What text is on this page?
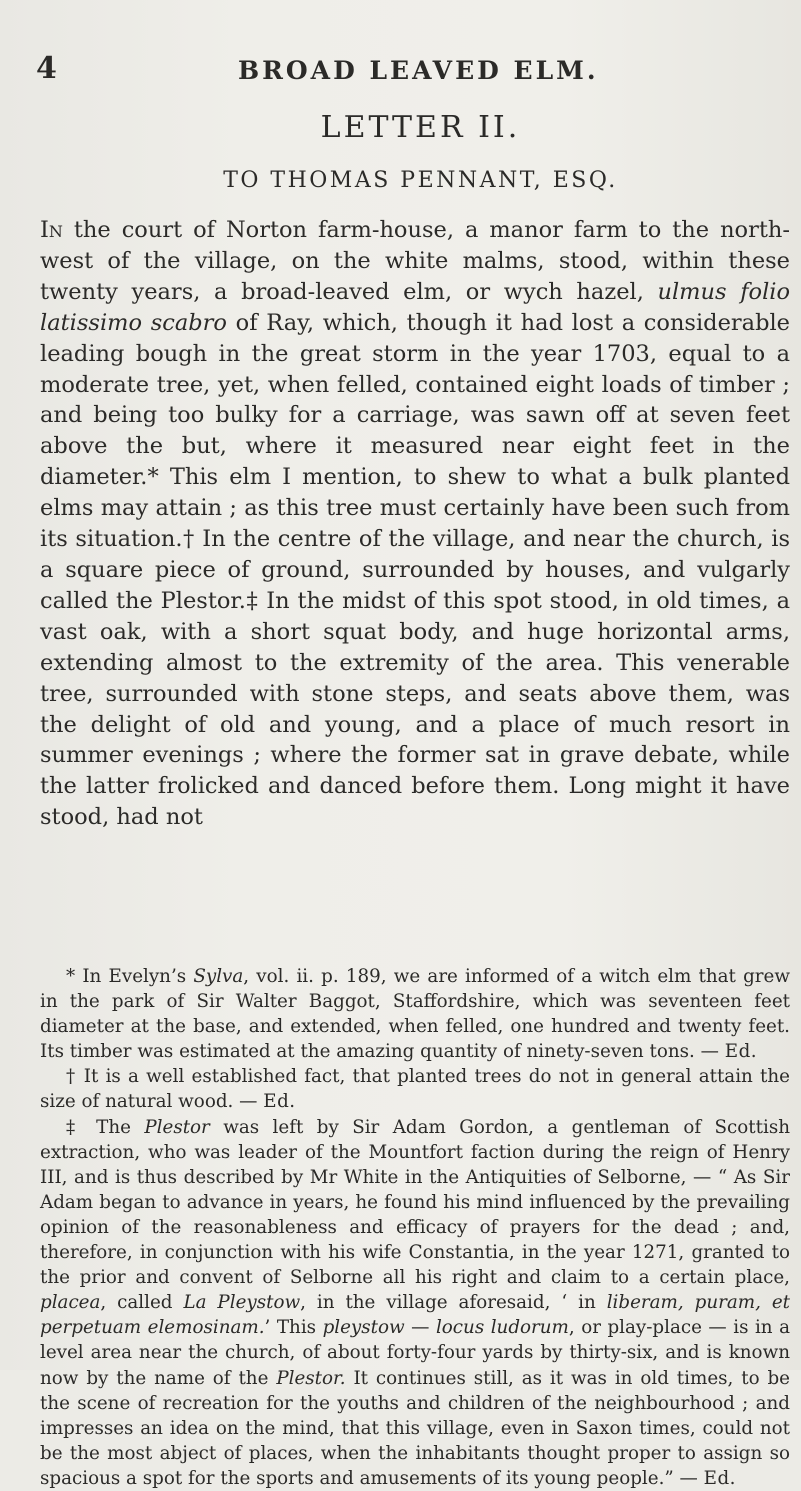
4	BROAD LEAVED ELM.
LETTER II.
TO THOMAS PENNANT, ESQ.

In the court of Norton farm-house, a manor farm to the north-west of the village, on the white malms, stood, within these twenty years, a broad-leaved elm, or wych hazel, ulmus folio latissimo scabro of Ray, which, though it had lost a considerable leading bough in the great storm in the year 1703, equal to a moderate tree, yet, when felled, contained eight loads of timber ; and being too bulky for a carriage, was sawn off at seven feet above the but, where it measured near eight feet in the diameter.* This elm I mention, to shew to what a bulk planted elms may attain ; as this tree must certainly have been such from its situation.† In the centre of the village, and near the church, is a square piece of ground, surrounded by houses, and vulgarly called the Plestor.‡ In the midst of this spot stood, in old times, a vast oak, with a short squat body, and huge horizontal arms, extending almost to the extremity of the area. This venerable tree, surrounded with stone steps, and seats above them, was the delight of old and young, and a place of much resort in summer evenings ; where the former sat in grave debate, while the latter frolicked and danced before them. Long might it have stood, had not

* In Evelyn’s Sylva, vol. ii. p. 189, we are informed of a witch elm that grew in the park of Sir Walter Baggot, Staffordshire, which was seventeen feet diameter at the base, and extended, when felled, one hundred and twenty feet. Its timber was estimated at the amazing quantity of ninety-seven tons. — Ed.

† It is a well established fact, that planted trees do not in general attain the size of natural wood. — Ed.

‡ The Plestor was left by Sir Adam Gordon, a gentleman of Scottish extraction, who was leader of the Mountfort faction during the reign of Henry III, and is thus described by Mr White in the Antiquities of Selborne, — “ As Sir Adam began to advance in years, he found his mind influenced by the prevailing opinion of the reasonableness and efficacy of prayers for the dead ; and, therefore, in conjunction with his wife Constantia, in the year 1271, granted to the prior and convent of Selborne all his right and claim to a certain place, placea, called La Pleystow, in the village aforesaid, ‘ in liberam, puram, et perpetuam elemosinam.’ This pleystow — locus ludorum, or play-place — is in a level area near the church, of about forty-four yards by thirty-six, and is known now by the name of the Plestor. It continues still, as it was in old times, to be the scene of recreation for the youths and children of the neighbourhood ; and impresses an idea on the mind, that this village, even in Saxon times, could not be the most abject of places, when the inhabitants thought proper to assign so spacious a spot for the sports and amusements of its young people.” — Ed.
